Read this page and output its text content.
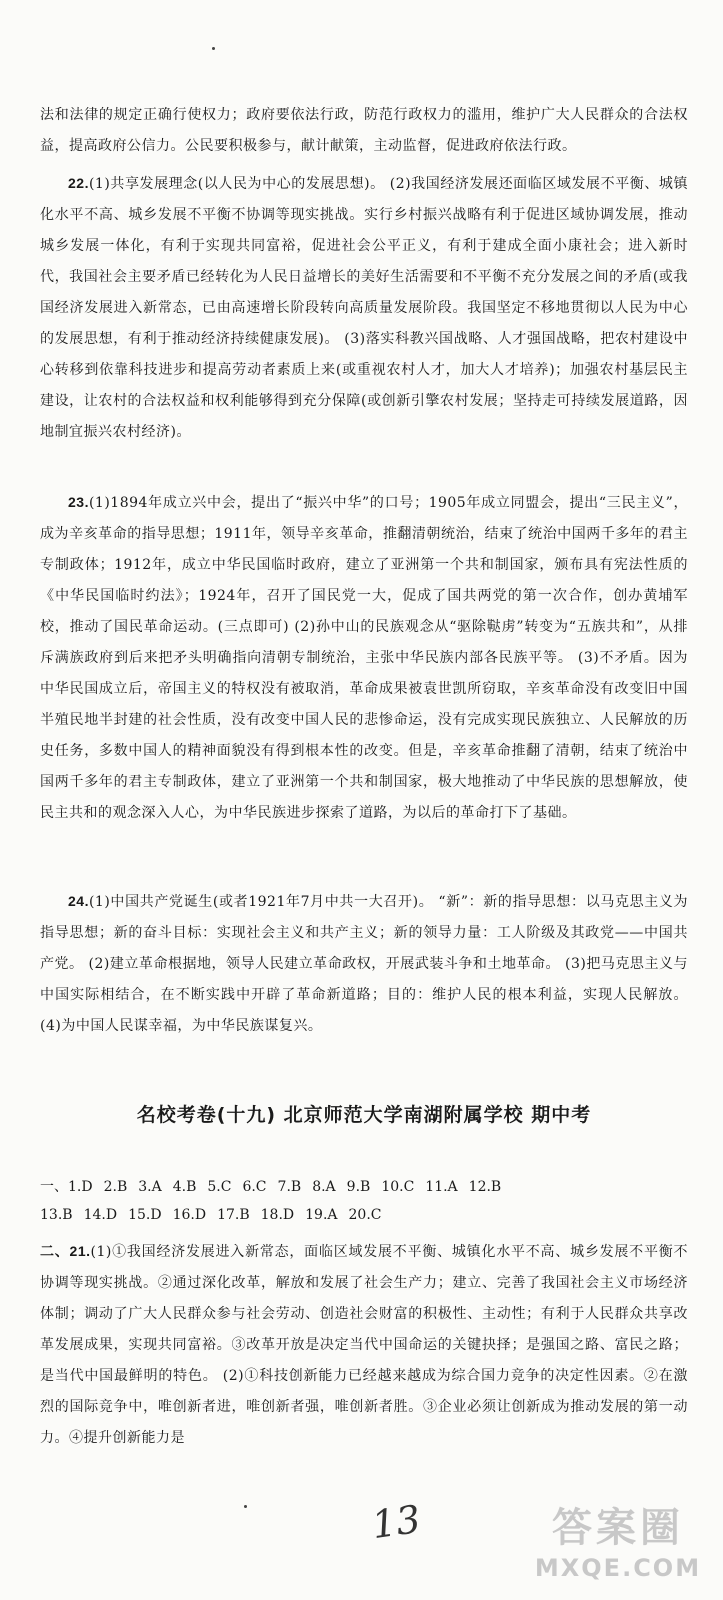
法和法律的规定正确行使权力；政府要依法行政，防范行政权力的滥用，维护广大人民群众的合法权益，提高政府公信力。公民要积极参与，献计献策，主动监督，促进政府依法行政。

22.(1)共享发展理念(以人民为中心的发展思想)。 (2)我国经济发展还面临区域发展不平衡、城镇化水平不高、城乡发展不平衡不协调等现实挑战。实行乡村振兴战略有利于促进区域协调发展，推动城乡发展一体化，有利于实现共同富裕，促进社会公平正义，有利于建成全面小康社会；进入新时代，我国社会主要矛盾已经转化为人民日益增长的美好生活需要和不平衡不充分发展之间的矛盾(或我国经济发展进入新常态，已由高速增长阶段转向高质量发展阶段。我国坚定不移地贯彻以人民为中心的发展思想，有利于推动经济持续健康发展)。 (3)落实科教兴国战略、人才强国战略，把农村建设中心转移到依靠科技进步和提高劳动者素质上来(或重视农村人才，加大人才培养)；加强农村基层民主建设，让农村的合法权益和权利能够得到充分保障(或创新引擎农村发展；坚持走可持续发展道路，因地制宜振兴农村经济)。

23.(1)1894年成立兴中会，提出了“振兴中华”的口号；1905年成立同盟会，提出“三民主义”，成为辛亥革命的指导思想；1911年，领导辛亥革命，推翻清朝统治，结束了统治中国两千多年的君主专制政体；1912年，成立中华民国临时政府，建立了亚洲第一个共和制国家，颁布具有宪法性质的《中华民国临时约法》；1924年，召开了国民党一大，促成了国共两党的第一次合作，创办黄埔军校，推动了国民革命运动。(三点即可) (2)孙中山的民族观念从“驱除鞑虏”转变为“五族共和”，从排斥满族政府到后来把矛头明确指向清朝专制统治，主张中华民族内部各民族平等。 (3)不矛盾。因为中华民国成立后，帝国主义的特权没有被取消，革命成果被袁世凯所窃取，辛亥革命没有改变旧中国半殖民地半封建的社会性质，没有改变中国人民的悲惨命运，没有完成实现民族独立、人民解放的历史任务，多数中国人的精神面貌没有得到根本性的改变。但是，辛亥革命推翻了清朝，结束了统治中国两千多年的君主专制政体，建立了亚洲第一个共和制国家，极大地推动了中华民族的思想解放，使民主共和的观念深入人心，为中华民族进步探索了道路，为以后的革命打下了基础。

24.(1)中国共产党诞生(或者1921年7月中共一大召开)。 “新”：新的指导思想：以马克思主义为指导思想；新的奋斗目标：实现社会主义和共产主义；新的领导力量：工人阶级及其政党——中国共产党。 (2)建立革命根据地，领导人民建立革命政权，开展武装斗争和土地革命。 (3)把马克思主义与中国实际相结合，在不断实践中开辟了革命新道路；目的：维护人民的根本利益，实现人民解放。 (4)为中国人民谋幸福，为中华民族谋复兴。

名校考卷(十九) 北京师范大学南湖附属学校 期中考
一、1.D 2.B 3.A 4.B 5.C 6.C 7.B 8.A 9.B 10.C 11.A 12.B
13.B 14.D 15.D 16.D 17.B 18.D 19.A 20.C

二、21.(1)①我国经济发展进入新常态，面临区域发展不平衡、城镇化水平不高、城乡发展不平衡不协调等现实挑战。②通过深化改革，解放和发展了社会生产力；建立、完善了我国社会主义市场经济体制；调动了广大人民群众参与社会劳动、创造社会财富的积极性、主动性；有利于人民群众共享改革发展成果，实现共同富裕。③改革开放是决定当代中国命运的关键抉择；是强国之路、富民之路；是当代中国最鲜明的特色。 (2)①科技创新能力已经越来越成为综合国力竞争的决定性因素。②在激烈的国际竞争中，唯创新者进，唯创新者强，唯创新者胜。③企业必须让创新成为推动发展的第一动力。④提升创新能力是

13	答案圈
MXQE.COM
